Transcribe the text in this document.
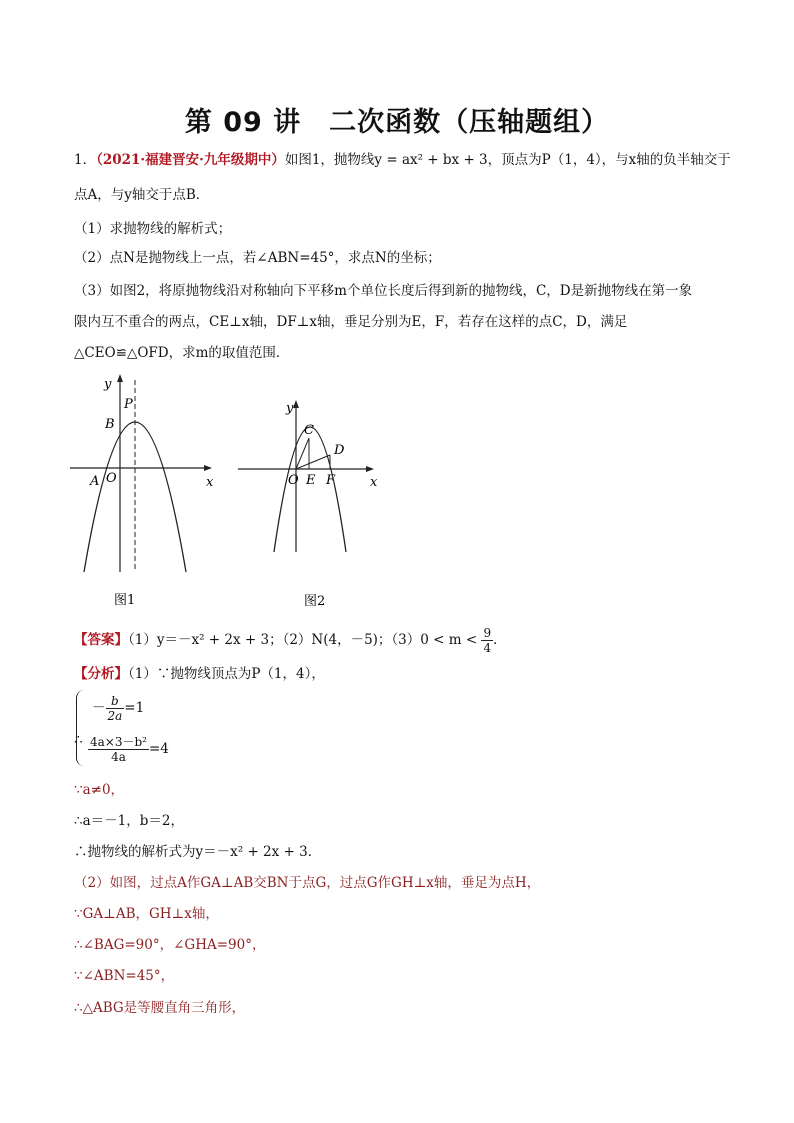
第 09 讲　二次函数（压轴题组）
1．（2021·福建晋安·九年级期中）如图1，抛物线y = ax² + bx + 3，顶点为P（1，4），与x轴的负半轴交于
点A，与y轴交于点B．
（1）求抛物线的解析式；
（2）点N是抛物线上一点，若∠ABN=45°，求点N的坐标；
（3）如图2，将原抛物线沿对称轴向下平移m个单位长度后得到新的抛物线，C，D是新抛物线在第一象
限内互不重合的两点，CE⊥x轴，DF⊥x轴，垂足分别为E，F，若存在这样的点C，D，满足
△CEO≌△OFD，求m的取值范围．
y
x
P
B
A O
图1
y
x
C
D
O E F
图2
【答案】（1）y＝－x² + 2x + 3；（2）N(4，－5)；$(3)0 < m < \frac{9}{4}$ ．
【分析】（1）∵抛物线顶点为P（1，4），
∴
－ $\frac{b}{2a} =1$
$\frac{\text{4a×3－b²}}{4a} =4$
∵a≠0，
∴a＝－1，b＝2，
∴抛物线的解析式为y＝－x² + 2x + 3．
（2）如图，过点A作GA⊥AB交BN于点G，过点G作GH⊥x轴，垂足为点H，
∵GA⊥AB，GH⊥x轴，
∴∠BAG=90°，∠GHA=90°，
∵∠ABN=45°，
∴△ABG是等腰直角三角形，
